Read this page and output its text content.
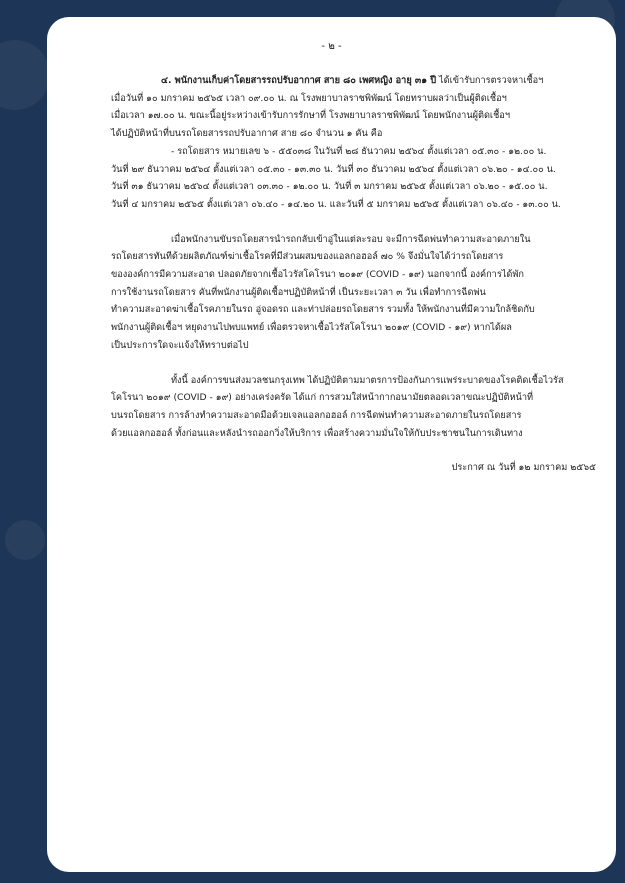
- ๒ -
๔. พนักงานเก็บค่าโดยสารรถปรับอากาศ สาย ๘๐ เพศหญิง อายุ ๓๑ ปี ได้เข้ารับการตรวจหาเชื้อฯ
เมื่อวันที่ ๑๐ มกราคม ๒๕๖๕ เวลา ๐๙.๐๐ น. ณ โรงพยาบาลราชพิพัฒน์ โดยทราบผลว่าเป็นผู้ติดเชื้อฯ
เมื่อเวลา ๑๗.๐๐ น. ขณะนี้อยู่ระหว่างเข้ารับการรักษาที่ โรงพยาบาลราชพิพัฒน์ โดยพนักงานผู้ติดเชื้อฯ
ได้ปฏิบัติหน้าที่บนรถโดยสารรถปรับอากาศ สาย ๘๐ จำนวน ๑ คัน คือ
- รถโดยสาร หมายเลข ๖ - ๕๕๐๓๘ ในวันที่ ๒๘ ธันวาคม ๒๕๖๔ ตั้งแต่เวลา ๐๕.๓๐ - ๑๒.๐๐ น.
วันที่ ๒๙ ธันวาคม ๒๕๖๔ ตั้งแต่เวลา ๐๕.๓๐ - ๑๓.๓๐ น. วันที่ ๓๐ ธันวาคม ๒๕๖๔ ตั้งแต่เวลา ๐๖.๒๐ - ๑๔.๐๐ น.
วันที่ ๓๑ ธันวาคม ๒๕๖๔ ตั้งแต่เวลา ๐๓.๓๐ - ๑๒.๐๐ น. วันที่ ๓ มกราคม ๒๕๖๕ ตั้งแต่เวลา ๐๖.๒๐ - ๑๕.๐๐ น.
วันที่ ๔ มกราคม ๒๕๖๕ ตั้งแต่เวลา ๐๖.๔๐ - ๑๔.๒๐ น. และวันที่ ๕ มกราคม ๒๕๖๕ ตั้งแต่เวลา ๐๖.๔๐ - ๑๓.๐๐ น.
เมื่อพนักงานขับรถโดยสารนำรถกลับเข้าอู่ในแต่ละรอบ จะมีการฉีดพ่นทำความสะอาดภายใน
รถโดยสารทันทีด้วยผลิตภัณฑ์ฆ่าเชื้อโรคที่มีส่วนผสมของแอลกอฮอล์ ๗๐ % จึงมั่นใจได้ว่ารถโดยสาร
ขององค์การมีความสะอาด ปลอดภัยจากเชื้อไวรัสโคโรนา ๒๐๑๙ (COVID - ๑๙) นอกจากนี้ องค์การได้พัก
การใช้งานรถโดยสาร คันที่พนักงานผู้ติดเชื้อฯปฏิบัติหน้าที่ เป็นระยะเวลา ๓ วัน เพื่อทำการฉีดพ่น
ทำความสะอาดฆ่าเชื้อโรคภายในรถ อู่จอดรถ และท่าปล่อยรถโดยสาร รวมทั้ง ให้พนักงานที่มีความใกล้ชิดกับ
พนักงานผู้ติดเชื้อฯ หยุดงานไปพบแพทย์ เพื่อตรวจหาเชื้อไวรัสโคโรนา ๒๐๑๙ (COVID - ๑๙) หากได้ผล
เป็นประการใดจะแจ้งให้ทราบต่อไป
ทั้งนี้ องค์การขนส่งมวลชนกรุงเทพ ได้ปฏิบัติตามมาตรการป้องกันการแพร่ระบาดของโรคติดเชื้อไวรัส
โคโรนา ๒๐๑๙ (COVID - ๑๙) อย่างเคร่งครัด ได้แก่ การสวมใส่หน้ากากอนามัยตลอดเวลาขณะปฏิบัติหน้าที่
บนรถโดยสาร การล้างทำความสะอาดมือด้วยเจลแอลกอฮอล์ การฉีดพ่นทำความสะอาดภายในรถโดยสาร
ด้วยแอลกอฮอล์ ทั้งก่อนและหลังนำรถออกวิ่งให้บริการ เพื่อสร้างความมั่นใจให้กับประชาชนในการเดินทาง
ประกาศ ณ วันที่ ๑๒ มกราคม ๒๕๖๕
